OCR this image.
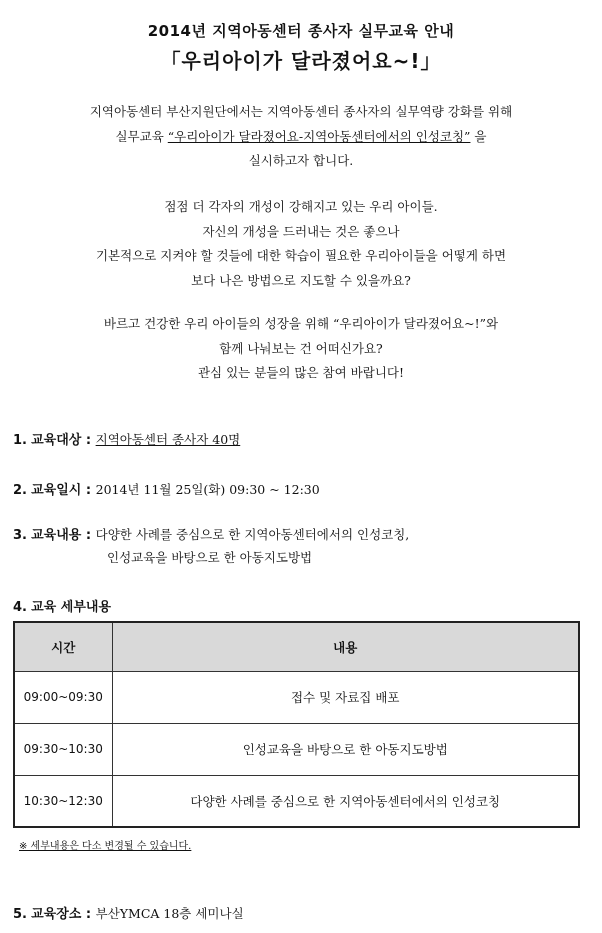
2014년 지역아동센터 종사자 실무교육 안내
「우리아이가 달라졌어요~!」

지역아동센터 부산지원단에서는 지역아동센터 종사자의 실무역량 강화를 위해

실무교육 “우리아이가 달라졌어요-지역아동센터에서의 인성코칭” 을

실시하고자 합니다.

점점 더 각자의 개성이 강해지고 있는 우리 아이들.

자신의 개성을 드러내는 것은 좋으나

기본적으로 지켜야 할 것들에 대한 학습이 필요한 우리아이들을 어떻게 하면

보다 나은 방법으로 지도할 수 있을까요?

바르고 건강한 우리 아이들의 성장을 위해 “우리아이가 달라졌어요~!”와

함께 나눠보는 건 어떠신가요?

관심 있는 분들의 많은 참여 바랍니다!

1. 교육대상 : 지역아동센터 종사자 40명
2. 교육일시 : 2014년 11월 25일(화) 09:30 ~ 12:30
3. 교육내용 : 다양한 사례를 중심으로 한 지역아동센터에서의 인성코칭,
인성교육을 바탕으로 한 아동지도방법
4. 교육 세부내용
시간	내용
09:00~09:30	접수 및 자료집 배포
09:30~10:30	인성교육을 바탕으로 한 아동지도방법
10:30~12:30	다양한 사례를 중심으로 한 지역아동센터에서의 인성코칭
※ 세부내용은 다소 변경될 수 있습니다.
5. 교육장소 : 부산YMCA 18층 세미나실
